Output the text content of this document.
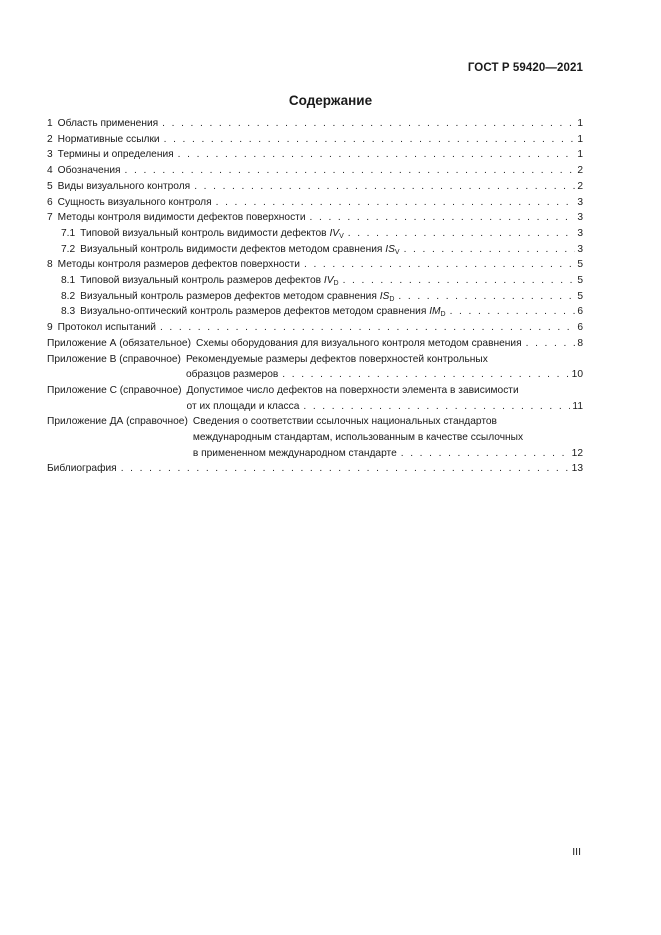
ГОСТ Р 59420—2021
Содержание
1 Область применения . . .	1
2 Нормативные ссылки . . .	1
3 Термины и определения . . .	1
4 Обозначения . . .	2
5 Виды визуального контроля . . .	2
6 Сущность визуального контроля . . .	3
7 Методы контроля видимости дефектов поверхности . . .	3
7.1 Типовой визуальный контроль видимости дефектов $IV_V$ . . .	3
7.2 Визуальный контроль видимости дефектов методом сравнения $IS_V$ . . .	3
8 Методы контроля размеров дефектов поверхности . . .	5
8.1 Типовой визуальный контроль размеров дефектов $IV_D$ . . .	5
8.2 Визуальный контроль размеров дефектов методом сравнения $IS_D$ . . .	5
8.3 Визуально-оптический контроль размеров дефектов методом сравнения $IM_D$ . . .	6
9 Протокол испытаний . . .	6
Приложение А (обязательное) Схемы оборудования для визуального контроля методом сравнения . . .	8
Приложение В (справочное) Рекомендуемые размеры дефектов поверхностей контрольных
образцов размеров . . .	10
Приложение С (справочное) Допустимое число дефектов на поверхности элемента в зависимости
от их площади и класса . . .	11
Приложение ДА (справочное) Сведения о соответствии ссылочных национальных стандартов
международным стандартам, использованным в качестве ссылочных
в примененном международном стандарте . . .	12
Библиография . . .	13
III
